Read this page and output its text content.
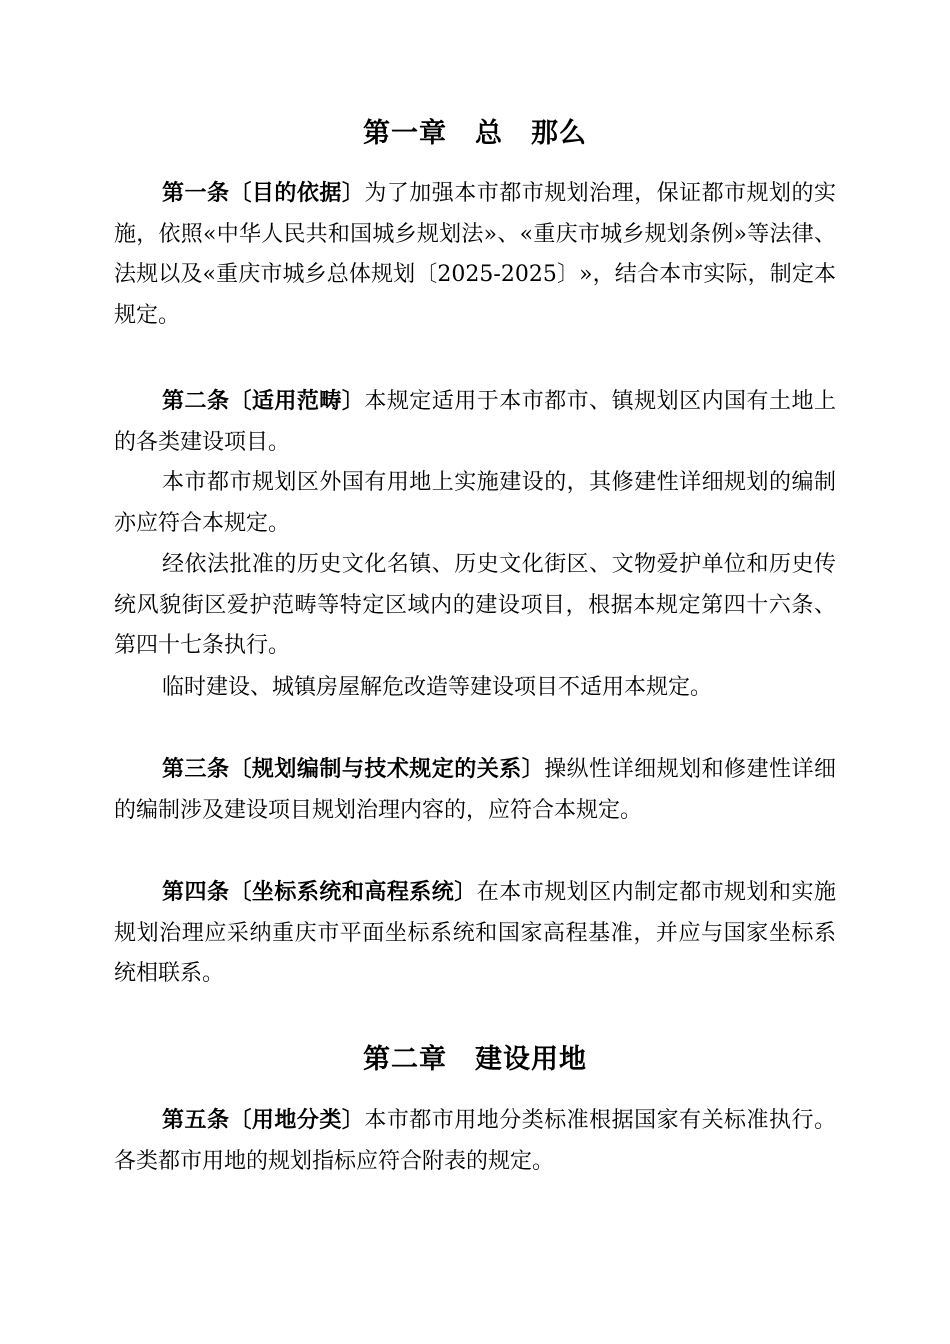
第一章　总　那么
第一条〔目的依据〕为了加强本市都市规划治理，保证都市规划的实施，依照«中华人民共和国城乡规划法»、«重庆市城乡规划条例»等法律、法规以及«重庆市城乡总体规划〔2025-2025〕»，结合本市实际，制定本规定。
第二条〔适用范畴〕本规定适用于本市都市、镇规划区内国有土地上的各类建设项目。
本市都市规划区外国有用地上实施建设的，其修建性详细规划的编制亦应符合本规定。
经依法批准的历史文化名镇、历史文化街区、文物爱护单位和历史传统风貌街区爱护范畴等特定区域内的建设项目，根据本规定第四十六条、第四十七条执行。
临时建设、城镇房屋解危改造等建设项目不适用本规定。
第三条〔规划编制与技术规定的关系〕操纵性详细规划和修建性详细的编制涉及建设项目规划治理内容的，应符合本规定。
第四条〔坐标系统和高程系统〕在本市规划区内制定都市规划和实施规划治理应采纳重庆市平面坐标系统和国家高程基准，并应与国家坐标系统相联系。
第二章　建设用地
第五条〔用地分类〕本市都市用地分类标准根据国家有关标准执行。各类都市用地的规划指标应符合附表的规定。
